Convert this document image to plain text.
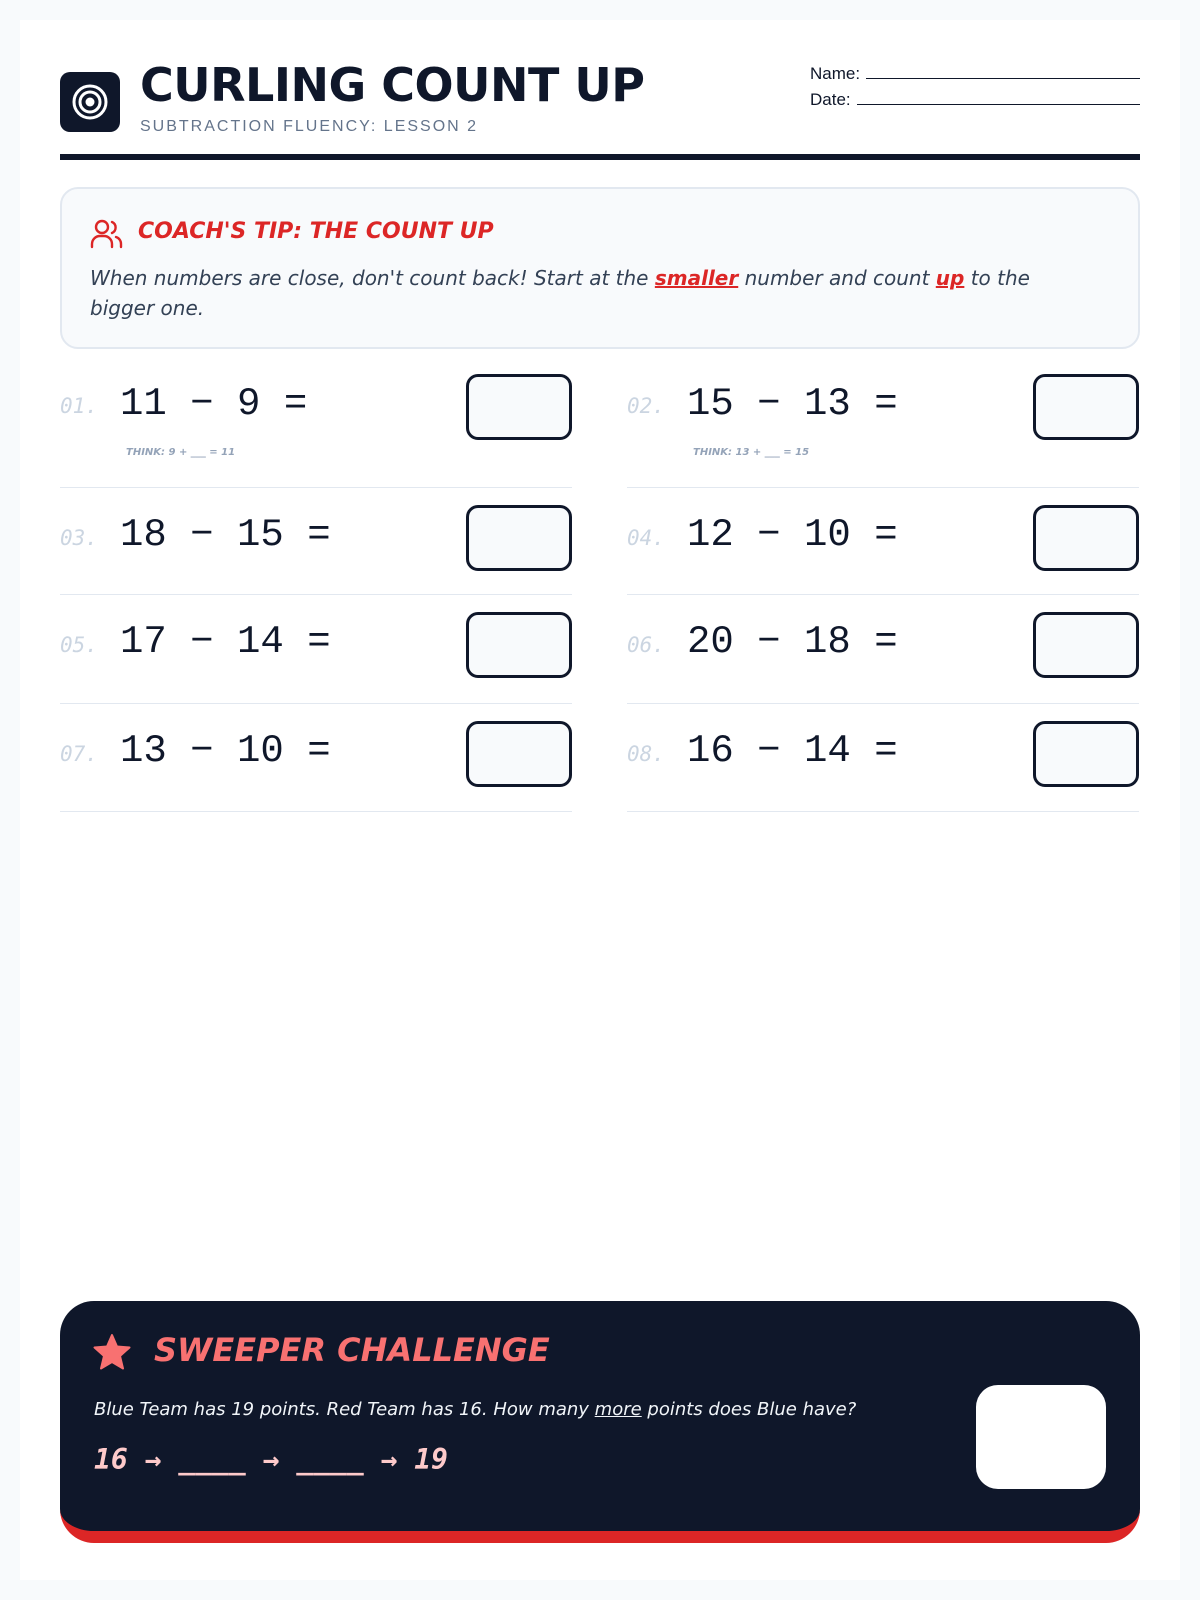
CURLING COUNT UP
SUBTRACTION FLUENCY: LESSON 2
Name:
Date:
COACH'S TIP: THE COUNT UP
When numbers are close, don't count back! Start at the smaller number and count up to the bigger one.
01. 11 − 9 =
THINK: 9 + ___ = 11
02. 15 − 13 =
THINK: 13 + ___ = 15
03. 18 − 15 =	04. 12 − 10 =
05. 17 − 14 =	06. 20 − 18 =
07. 13 − 10 =	08. 16 − 14 =
SWEEPER CHALLENGE
Blue Team has 19 points. Red Team has 16. How many more points does Blue have?
16 → ____ → ____ → 19
